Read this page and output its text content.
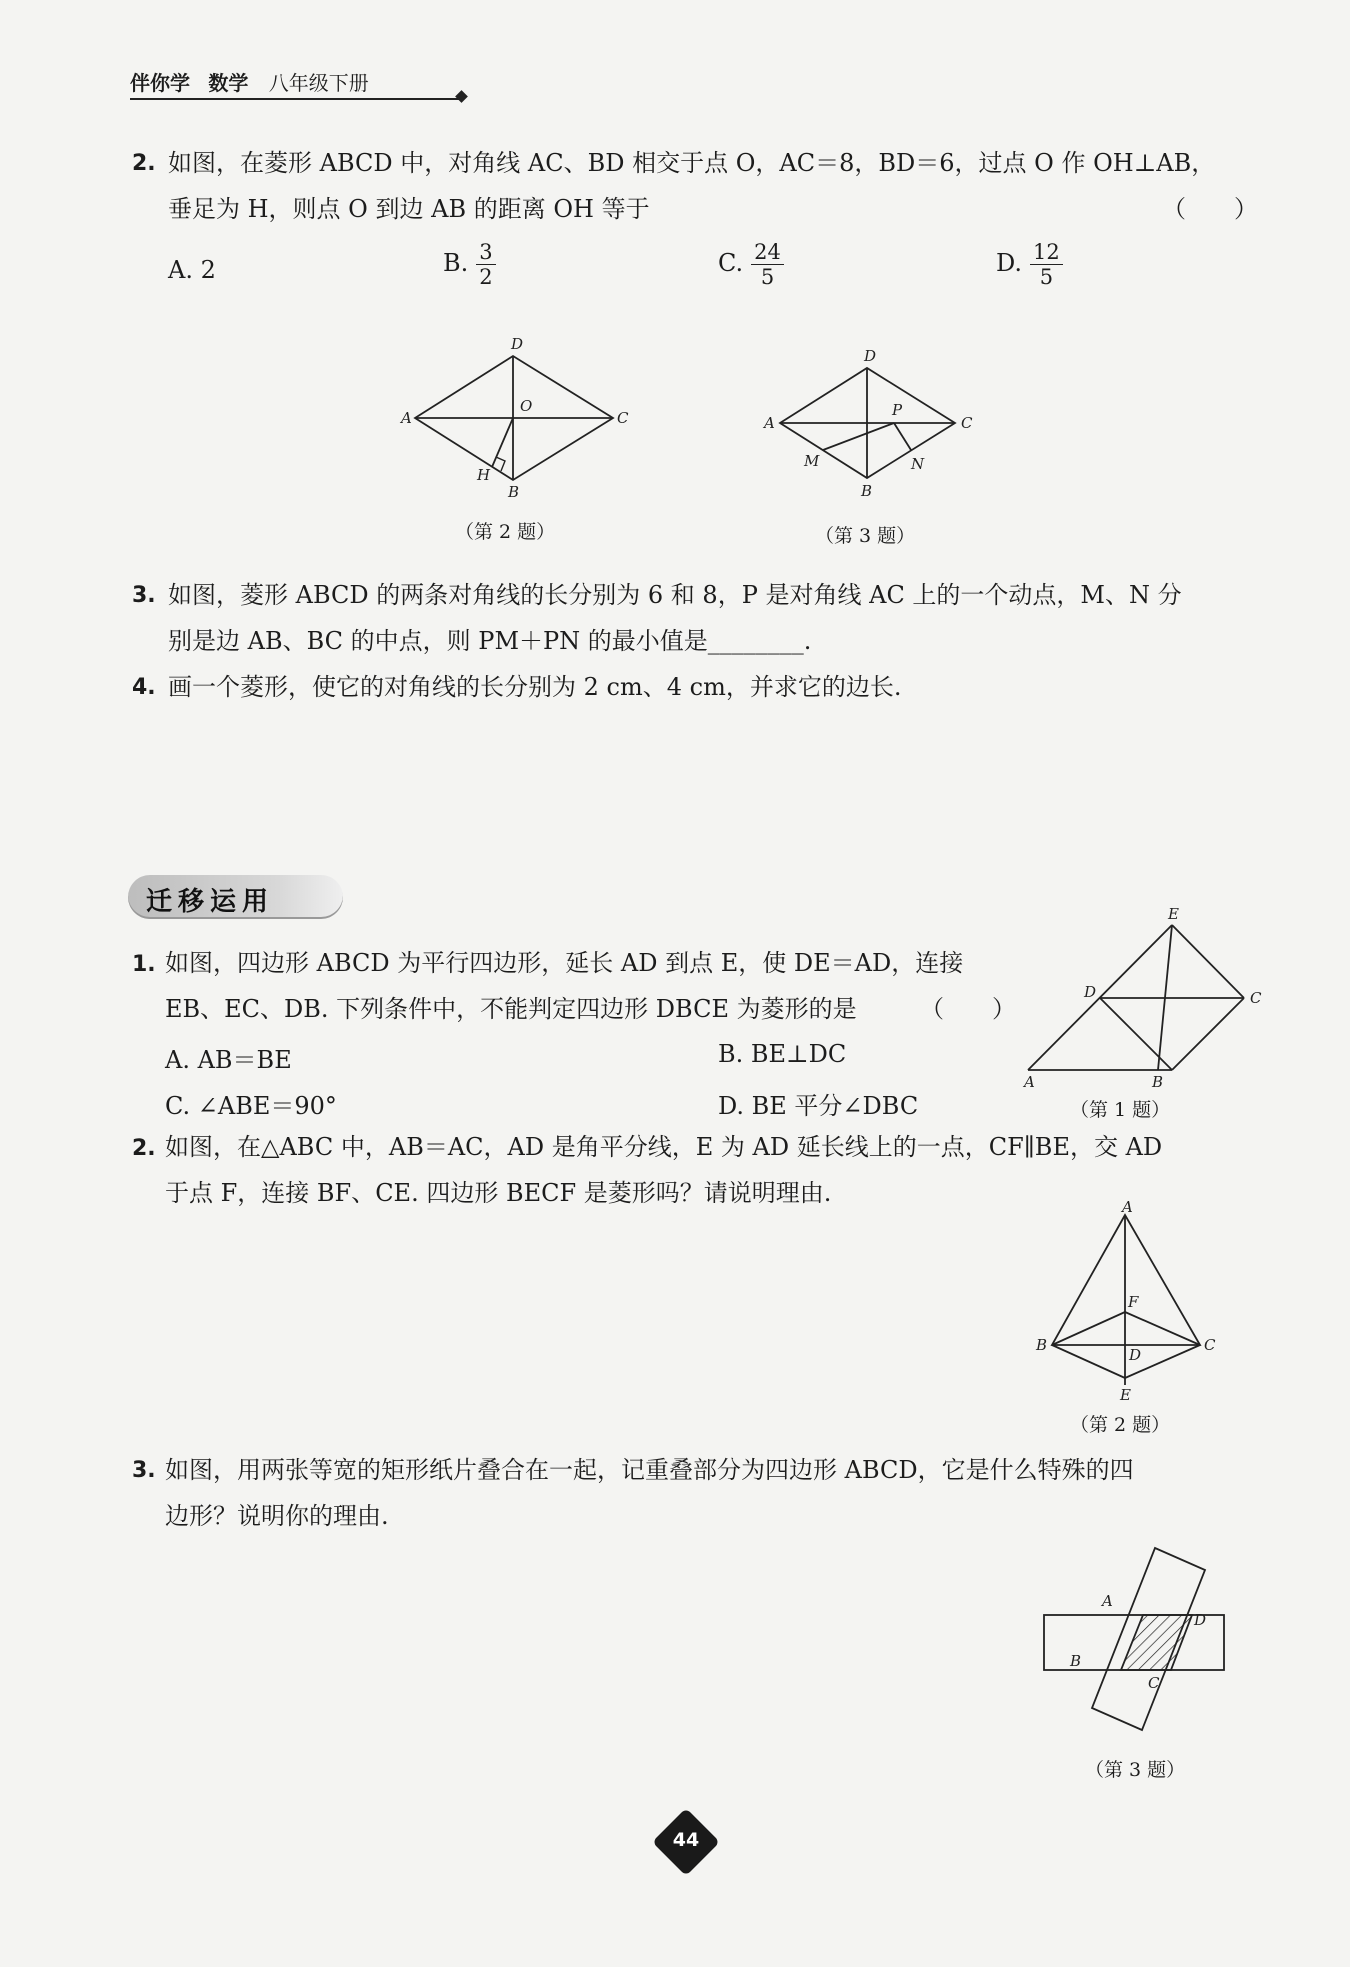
伴你学 数学 八年级下册
2. 如图，在菱形 ABCD 中，对角线 AC、BD 相交于点 O，AC＝8，BD＝6，过点 O 作 OH⊥AB，
垂足为 H，则点 O 到边 AB 的距离 OH 等于	（　　）
A. 2	B. $\frac{3}{2}$	C. $\frac{24}{5}$	D. $\frac{12}{5}$
D
A	C
O
H
B
（第 2 题）
D
A	C
P
M	N
B
（第 3 题）
3. 如图，菱形 ABCD 的两条对角线的长分别为 6 和 8，P 是对角线 AC 上的一个动点，M、N 分
别是边 AB、BC 的中点，则 PM＋PN 的最小值是________.
4. 画一个菱形，使它的对角线的长分别为 2 cm、4 cm，并求它的边长.
迁移运用
1. 如图，四边形 ABCD 为平行四边形，延长 AD 到点 E，使 DE＝AD，连接
EB、EC、DB. 下列条件中，不能判定四边形 DBCE 为菱形的是	（　　）
A. AB＝BE	B. BE⊥DC
C. ∠ABE＝90°	D. BE 平分∠DBC
E
D	C
A	B
（第 1 题）
2. 如图，在△ABC 中，AB＝AC，AD 是角平分线，E 为 AD 延长线上的一点，CF∥BE，交 AD
于点 F，连接 BF、CE. 四边形 BECF 是菱形吗？请说明理由.	A
F
B	C
D
E
（第 2 题）
3. 如图，用两张等宽的矩形纸片叠合在一起，记重叠部分为四边形 ABCD，它是什么特殊的四
边形？说明你的理由.
A
D
B
C
（第 3 题）
44
